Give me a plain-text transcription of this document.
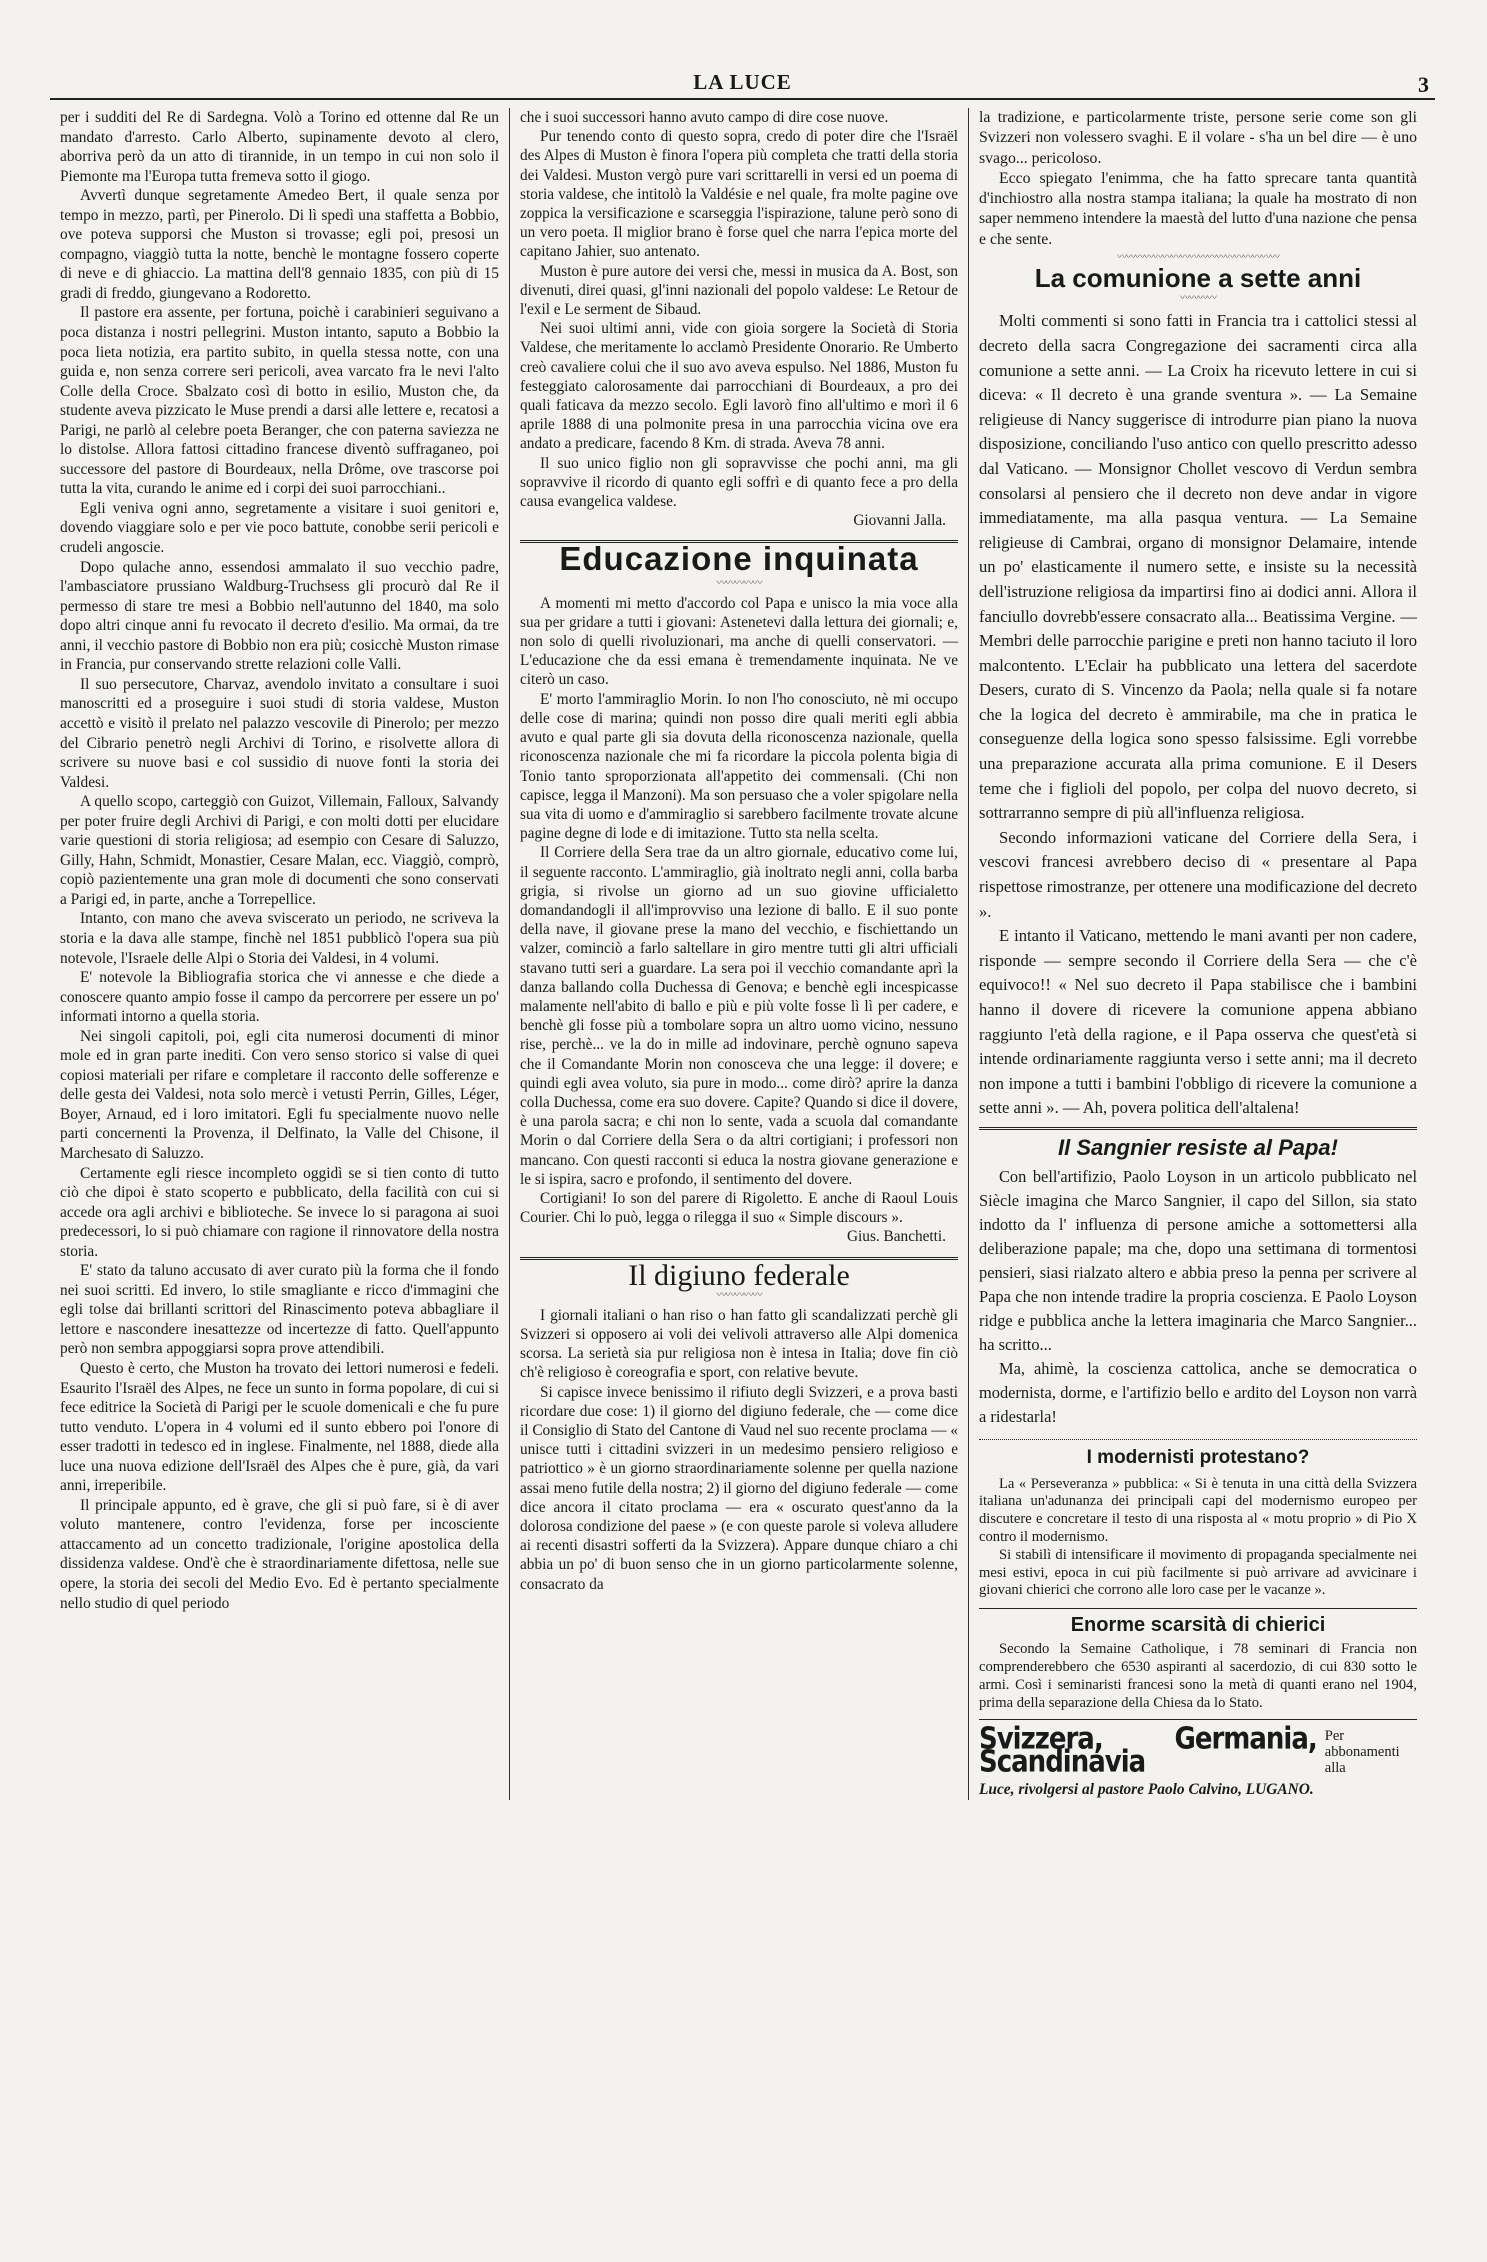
LA LUCE	3

per i sudditi del Re di Sardegna. Volò a Torino ed ottenne dal Re un mandato d'arresto. Carlo Alberto, supinamente devoto al clero, aborriva però da un atto di tirannide, in un tempo in cui non solo il Piemonte ma l'Europa tutta fremeva sotto il giogo.

Avvertì dunque segretamente Amedeo Bert, il quale senza por tempo in mezzo, partì, per Pinerolo. Di lì spedì una staffetta a Bobbio, ove poteva supporsi che Muston si trovasse; egli poi, presosi un compagno, viaggiò tutta la notte, benchè le montagne fossero coperte di neve e di ghiaccio. La mattina dell'8 gennaio 1835, con più di 15 gradi di freddo, giungevano a Rodoretto.

Il pastore era assente, per fortuna, poichè i carabinieri seguivano a poca distanza i nostri pellegrini. Muston intanto, saputo a Bobbio la poca lieta notizia, era partito subito, in quella stessa notte, con una guida e, non senza correre seri pericoli, avea varcato fra le nevi l'alto Colle della Croce. Sbalzato così di botto in esilio, Muston che, da studente aveva pizzicato le Muse prendi a darsi alle lettere e, recatosi a Parigi, ne parlò al celebre poeta Beranger, che con paterna saviezza ne lo distolse. Allora fattosi cittadino francese diventò suffraganeo, poi successore del pastore di Bourdeaux, nella Drôme, ove trascorse poi tutta la vita, curando le anime ed i corpi dei suoi parrocchiani..

Egli veniva ogni anno, segretamente a visitare i suoi genitori e, dovendo viaggiare solo e per vie poco battute, conobbe serii pericoli e crudeli angoscie.

Dopo qulache anno, essendosi ammalato il suo vecchio padre, l'ambasciatore prussiano Waldburg-Truchsess gli procurò dal Re il permesso di stare tre mesi a Bobbio nell'autunno del 1840, ma solo dopo altri cinque anni fu revocato il decreto d'esilio. Ma ormai, da tre anni, il vecchio pastore di Bobbio non era più; cosicchè Muston rimase in Francia, pur conservando strette relazioni colle Valli.

Il suo persecutore, Charvaz, avendolo invitato a consultare i suoi manoscritti ed a proseguire i suoi studi di storia valdese, Muston accettò e visitò il prelato nel palazzo vescovile di Pinerolo; per mezzo del Cibrario penetrò negli Archivi di Torino, e risolvette allora di scrivere su nuove basi e col sussidio di nuove fonti la storia dei Valdesi.

A quello scopo, carteggiò con Guizot, Villemain, Falloux, Salvandy per poter fruire degli Archivi di Parigi, e con molti dotti per elucidare varie questioni di storia religiosa; ad esempio con Cesare di Saluzzo, Gilly, Hahn, Schmidt, Monastier, Cesare Malan, ecc. Viaggiò, comprò, copiò pazientemente una gran mole di documenti che sono conservati a Parigi ed, in parte, anche a Torrepellice.

Intanto, con mano che aveva sviscerato un periodo, ne scriveva la storia e la dava alle stampe, finchè nel 1851 pubblicò l'opera sua più notevole, l'Israele delle Alpi o Storia dei Valdesi, in 4 volumi.

E' notevole la Bibliografia storica che vi annesse e che diede a conoscere quanto ampio fosse il campo da percorrere per essere un po' informati intorno a quella storia.

Nei singoli capitoli, poi, egli cita numerosi documenti di minor mole ed in gran parte inediti. Con vero senso storico si valse di quei copiosi materiali per rifare e completare il racconto delle sofferenze e delle gesta dei Valdesi, nota solo mercè i vetusti Perrin, Gilles, Léger, Boyer, Arnaud, ed i loro imitatori. Egli fu specialmente nuovo nelle parti concernenti la Provenza, il Delfinato, la Valle del Chisone, il Marchesato di Saluzzo.

Certamente egli riesce incompleto oggidì se si tien conto di tutto ciò che dipoi è stato scoperto e pubblicato, della facilità con cui si accede ora agli archivi e biblioteche. Se invece lo si paragona ai suoi predecessori, lo si può chiamare con ragione il rinnovatore della nostra storia.

E' stato da taluno accusato di aver curato più la forma che il fondo nei suoi scritti. Ed invero, lo stile smagliante e ricco d'immagini che egli tolse dai brillanti scrittori del Rinascimento poteva abbagliare il lettore e nascondere inesattezze od incertezze di fatto. Quell'appunto però non sembra appoggiarsi sopra prove attendibili.

Questo è certo, che Muston ha trovato dei lettori numerosi e fedeli. Esaurito l'Israël des Alpes, ne fece un sunto in forma popolare, di cui si fece editrice la Società di Parigi per le scuole domenicali e che fu pure tutto venduto. L'opera in 4 volumi ed il sunto ebbero poi l'onore di esser tradotti in tedesco ed in inglese. Finalmente, nel 1888, diede alla luce una nuova edizione dell'Israël des Alpes che è pure, già, da vari anni, irreperibile.

Il principale appunto, ed è grave, che gli si può fare, si è di aver voluto mantenere, contro l'evidenza, forse per incosciente attaccamento ad un concetto tradizionale, l'origine apostolica della dissidenza valdese. Ond'è che è straordinariamente difettosa, nelle sue opere, la storia dei secoli del Medio Evo. Ed è pertanto specialmente nello studio di quel periodo

che i suoi successori hanno avuto campo di dire cose nuove.

Pur tenendo conto di questo sopra, credo di poter dire che l'Israël des Alpes di Muston è finora l'opera più completa che tratti della storia dei Valdesi. Muston vergò pure vari scrittarelli in versi ed un poema di storia valdese, che intitolò la Valdésie e nel quale, fra molte pagine ove zoppica la versificazione e scarseggia l'ispirazione, talune però sono di un vero poeta. Il miglior brano è forse quel che narra l'epica morte del capitano Jahier, suo antenato.

Muston è pure autore dei versi che, messi in musica da A. Bost, son divenuti, direi quasi, gl'inni nazionali del popolo valdese: Le Retour de l'exil e Le serment de Sibaud.

Nei suoi ultimi anni, vide con gioia sorgere la Società di Storia Valdese, che meritamente lo acclamò Presidente Onorario. Re Umberto creò cavaliere colui che il suo avo aveva espulso. Nel 1886, Muston fu festeggiato calorosamente dai parrocchiani di Bourdeaux, a pro dei quali faticava da mezzo secolo. Egli lavorò fino all'ultimo e morì il 6 aprile 1888 di una polmonite presa in una parrocchia vicina ove era andato a predicare, facendo 8 Km. di strada. Aveva 78 anni.

Il suo unico figlio non gli sopravvisse che pochi anni, ma gli sopravvive il ricordo di quanto egli soffrì e di quanto fece a pro della causa evangelica valdese.

Giovanni Jalla.

Educazione inquinata
〰〰〰〰〰

A momenti mi metto d'accordo col Papa e unisco la mia voce alla sua per gridare a tutti i giovani: Astenetevi dalla lettura dei giornali; e, non solo di quelli rivoluzionari, ma anche di quelli conservatori. — L'educazione che da essi emana è tremendamente inquinata. Ne ve citerò un caso.

E' morto l'ammiraglio Morin. Io non l'ho conosciuto, nè mi occupo delle cose di marina; quindi non posso dire quali meriti egli abbia avuto e qual parte gli sia dovuta della riconoscenza nazionale, quella riconoscenza nazionale che mi fa ricordare la piccola polenta bigia di Tonio tanto sproporzionata all'appetito dei commensali. (Chi non capisce, legga il Manzoni). Ma son persuaso che a voler spigolare nella sua vita di uomo e d'ammiraglio si sarebbero facilmente trovate alcune pagine degne di lode e di imitazione. Tutto sta nella scelta.

Il Corriere della Sera trae da un altro giornale, educativo come lui, il seguente racconto. L'ammiraglio, già inoltrato negli anni, colla barba grigia, si rivolse un giorno ad un suo giovine ufficialetto domandandogli il all'improvviso una lezione di ballo. E il suo ponte della nave, il giovane prese la mano del vecchio, e fischiettando un valzer, cominciò a farlo saltellare in giro mentre tutti gli altri ufficiali stavano tutti seri a guardare. La sera poi il vecchio comandante aprì la danza ballando colla Duchessa di Genova; e benchè egli incespicasse malamente nell'abito di ballo e più e più volte fosse lì lì per cadere, e benchè gli fosse più a tombolare sopra un altro uomo vicino, nessuno rise, perchè... ve la do in mille ad indovinare, perchè ognuno sapeva che il Comandante Morin non conosceva che una legge: il dovere; e quindi egli avea voluto, sia pure in modo... come dirò? aprire la danza colla Duchessa, come era suo dovere. Capite? Quando si dice il dovere, è una parola sacra; e chi non lo sente, vada a scuola dal comandante Morin o dal Corriere della Sera o da altri cortigiani; i professori non mancano. Con questi racconti si educa la nostra giovane generazione e le si ispira, sacro e profondo, il sentimento del dovere.

Cortigiani! Io son del parere di Rigoletto. E anche di Raoul Louis Courier. Chi lo può, legga o rilegga il suo « Simple discours ».

Gius. Banchetti.

Il digiuno federale
〰〰〰〰〰

I giornali italiani o han riso o han fatto gli scandalizzati perchè gli Svizzeri si opposero ai voli dei velivoli attraverso alle Alpi domenica scorsa. La serietà sia pur religiosa non è intesa in Italia; dove fin ciò ch'è religioso è coreografia e sport, con relative bevute.

Si capisce invece benissimo il rifiuto degli Svizzeri, e a prova basti ricordare due cose: 1) il giorno del digiuno federale, che — come dice il Consiglio di Stato del Cantone di Vaud nel suo recente proclama — « unisce tutti i cittadini svizzeri in un medesimo pensiero religioso e patriottico » è un giorno straordinariamente solenne per quella nazione assai meno futile della nostra; 2) il giorno del digiuno federale — come dice ancora il citato proclama — era « oscurato quest'anno da la dolorosa condizione del paese » (e con queste parole si voleva alludere ai recenti disastri sofferti da la Svizzera). Appare dunque chiaro a chi abbia un po' di buon senso che in un giorno particolarmente solenne, consacrato da

la tradizione, e particolarmente triste, persone serie come son gli Svizzeri non volessero svaghi. E il volare - s'ha un bel dire — è uno svago... pericoloso.

Ecco spiegato l'enimma, che ha fatto sprecare tanta quantità d'inchiostro alla nostra stampa italiana; la quale ha mostrato di non saper nemmeno intendere la maestà del lutto d'una nazione che pensa e che sente.

〰〰〰〰〰〰〰〰〰〰〰〰〰〰〰〰〰〰
La comunione a sette anni
〰〰〰〰

Molti commenti si sono fatti in Francia tra i cattolici stessi al decreto della sacra Congregazione dei sacramenti circa alla comunione a sette anni. — La Croix ha ricevuto lettere in cui si diceva: « Il decreto è una grande sventura ». — La Semaine religieuse di Nancy suggerisce di introdurre pian piano la nuova disposizione, conciliando l'uso antico con quello prescritto adesso dal Vaticano. — Monsignor Chollet vescovo di Verdun sembra consolarsi al pensiero che il decreto non deve andar in vigore immediatamente, ma alla pasqua ventura. — La Semaine religieuse di Cambrai, organo di monsignor Delamaire, intende un po' elasticamente il numero sette, e insiste su la necessità dell'istruzione religiosa da impartirsi fino ai dodici anni. Allora il fanciullo dovrebb'essere consacrato alla... Beatissima Vergine. — Membri delle parrocchie parigine e preti non hanno taciuto il loro malcontento. L'Eclair ha pubblicato una lettera del sacerdote Desers, curato di S. Vincenzo da Paola; nella quale si fa notare che la logica del decreto è ammirabile, ma che in pratica le conseguenze della logica sono spesso falsissime. Egli vorrebbe una preparazione accurata alla prima comunione. E il Desers teme che i figlioli del popolo, per colpa del nuovo decreto, si sottrarranno sempre di più all'influenza religiosa.

Secondo informazioni vaticane del Corriere della Sera, i vescovi francesi avrebbero deciso di « presentare al Papa rispettose rimostranze, per ottenere una modificazione del decreto ».

E intanto il Vaticano, mettendo le mani avanti per non cadere, risponde — sempre secondo il Corriere della Sera — che c'è equivoco!! « Nel suo decreto il Papa stabilisce che i bambini hanno il dovere di ricevere la comunione appena abbiano raggiunto l'età della ragione, e il Papa osserva che quest'età si intende ordinariamente raggiunta verso i sette anni; ma il decreto non impone a tutti i bambini l'obbligo di ricevere la comunione a sette anni ». — Ah, povera politica dell'altalena!

Il Sangnier resiste al Papa!

Con bell'artifizio, Paolo Loyson in un articolo pubblicato nel Siècle imagina che Marco Sangnier, il capo del Sillon, sia stato indotto da l' influenza di persone amiche a sottomettersi alla deliberazione papale; ma che, dopo una settimana di tormentosi pensieri, siasi rialzato altero e abbia preso la penna per scrivere al Papa che non intende tradire la propria coscienza. E Paolo Loyson ridge e pubblica anche la lettera imaginaria che Marco Sangnier... ha scritto...

Ma, ahimè, la coscienza cattolica, anche se democratica o modernista, dorme, e l'artifizio bello e ardito del Loyson non varrà a ridestarla!

I modernisti protestano?

La « Perseveranza » pubblica: « Si è tenuta in una città della Svizzera italiana un'adunanza dei principali capi del modernismo europeo per discutere e concretare il testo di una risposta al « motu proprio » di Pio X contro il modernismo.

Si stabilì di intensificare il movimento di propaganda specialmente nei mesi estivi, epoca in cui più facilmente si può arrivare ad avvicinare i giovani chierici che corrono alle loro case per le vacanze ».

Enorme scarsità di chierici

Secondo la Semaine Catholique, i 78 seminari di Francia non comprenderebbero che 6530 aspiranti al sacerdozio, di cui 830 sotto le armi. Così i seminaristi francesi sono la metà di quanti erano nel 1904, prima della separazione della Chiesa da lo Stato.

Svizzera, Germania, Scandinavia
Per abbonamenti alla

Luce, rivolgersi al pastore Paolo Calvino, LUGANO.
